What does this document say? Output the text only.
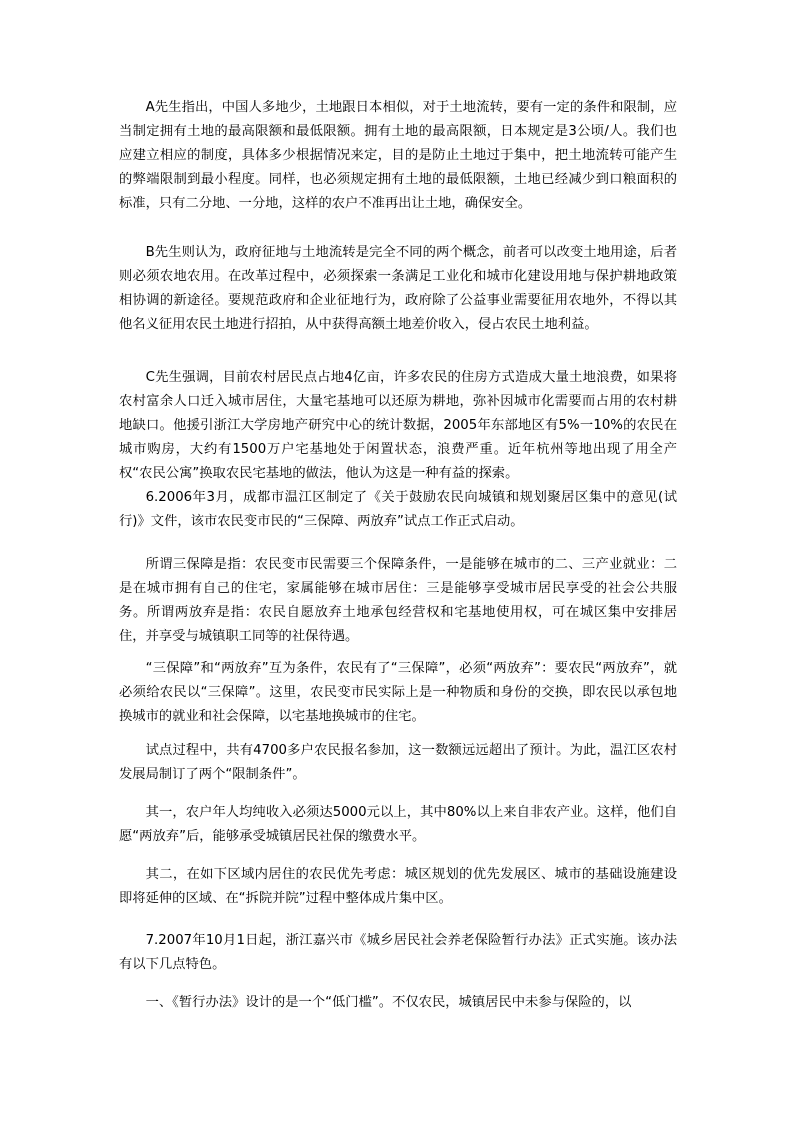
A先生指出，中国人多地少，土地跟日本相似，对于土地流转，要有一定的条件和限制，应当制定拥有土地的最高限额和最低限额。拥有土地的最高限额，日本规定是3公顷/人。我们也应建立相应的制度，具体多少根据情况来定，目的是防止土地过于集中，把土地流转可能产生的弊端限制到最小程度。同样，也必须规定拥有土地的最低限额，土地已经减少到口粮面积的标准，只有二分地、一分地，这样的农户不准再出让土地，确保安全。

B先生则认为，政府征地与土地流转是完全不同的两个概念，前者可以改变土地用途，后者则必须农地农用。在改革过程中，必须探索一条满足工业化和城市化建设用地与保护耕地政策相协调的新途径。要规范政府和企业征地行为，政府除了公益事业需要征用农地外，不得以其他名义征用农民土地进行招拍，从中获得高额土地差价收入，侵占农民土地利益。

C先生强调，目前农村居民点占地4亿亩，许多农民的住房方式造成大量土地浪费，如果将农村富余人口迁入城市居住，大量宅基地可以还原为耕地，弥补因城市化需要而占用的农村耕地缺口。他援引浙江大学房地产研究中心的统计数据，2005年东部地区有5%一10%的农民在城市购房，大约有1500万户宅基地处于闲置状态，浪费严重。近年杭州等地出现了用全产权“农民公寓”换取农民宅基地的做法，他认为这是一种有益的探索。

6.2006年3月，成都市温江区制定了《关于鼓励农民向城镇和规划聚居区集中的意见(试行)》文件，该市农民变市民的“三保障、两放弃”试点工作正式启动。

所谓三保障是指：农民变市民需要三个保障条件，一是能够在城市的二、三产业就业：二是在城市拥有自己的住宅，家属能够在城市居住：三是能够享受城市居民享受的社会公共服务。所谓两放弃是指：农民自愿放弃土地承包经营权和宅基地使用权，可在城区集中安排居住，并享受与城镇职工同等的社保待遇。

“三保障”和“两放弃”互为条件，农民有了“三保障”，必须“两放弃”：要农民“两放弃”，就必须给农民以“三保障”。这里，农民变市民实际上是一种物质和身份的交换，即农民以承包地换城市的就业和社会保障，以宅基地换城市的住宅。

试点过程中，共有4700多户农民报名参加，这一数额远远超出了预计。为此，温江区农村发展局制订了两个“限制条件”。

其一，农户年人均纯收入必须达5000元以上，其中80%以上来自非农产业。这样，他们自愿“两放弃”后，能够承受城镇居民社保的缴费水平。

其二，在如下区域内居住的农民优先考虑：城区规划的优先发展区、城市的基础设施建设即将延伸的区域、在“拆院并院”过程中整体成片集中区。

7.2007年10月1日起，浙江嘉兴市《城乡居民社会养老保险暂行办法》正式实施。该办法有以下几点特色。

一、《暂行办法》设计的是一个“低门槛”。不仅农民，城镇居民中未参与保险的，以
